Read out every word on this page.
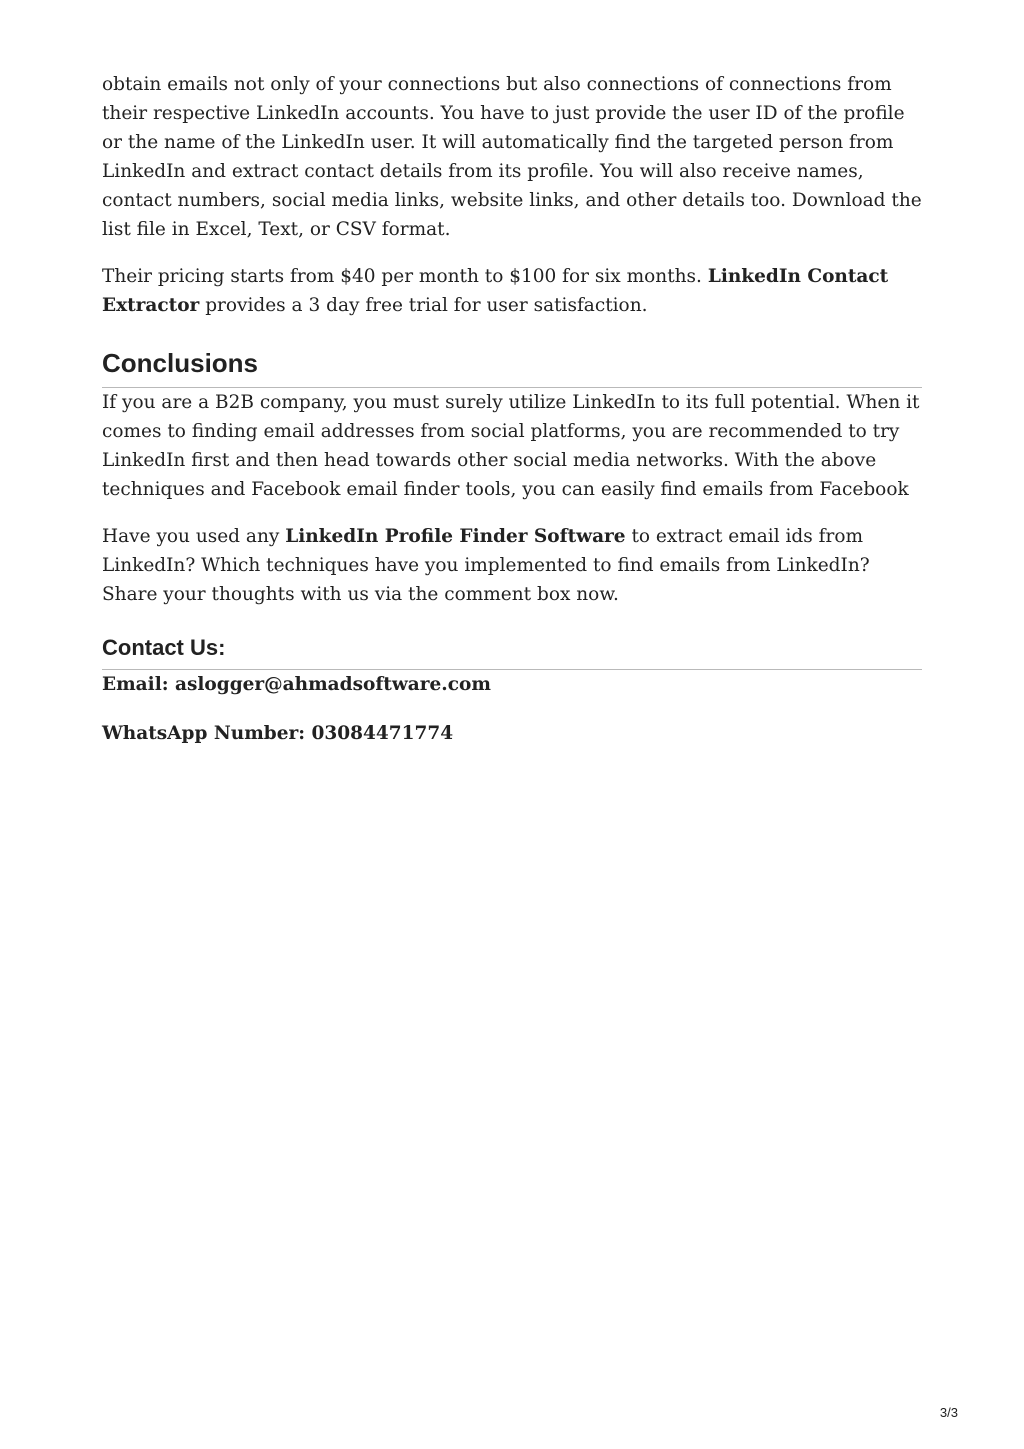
obtain emails not only of your connections but also connections of connections from their respective LinkedIn accounts. You have to just provide the user ID of the profile or the name of the LinkedIn user. It will automatically find the targeted person from LinkedIn and extract contact details from its profile. You will also receive names, contact numbers, social media links, website links, and other details too. Download the list file in Excel, Text, or CSV format.

Their pricing starts from $40 per month to $100 for six months. LinkedIn Contact Extractor provides a 3 day free trial for user satisfaction.

Conclusions

If you are a B2B company, you must surely utilize LinkedIn to its full potential. When it comes to finding email addresses from social platforms, you are recommended to try LinkedIn first and then head towards other social media networks. With the above techniques and Facebook email finder tools, you can easily find emails from Facebook

Have you used any LinkedIn Profile Finder Software to extract email ids from LinkedIn? Which techniques have you implemented to find emails from LinkedIn? Share your thoughts with us via the comment box now.

Contact Us:

Email: aslogger@ahmadsoftware.com

WhatsApp Number: 03084471774

3/3
